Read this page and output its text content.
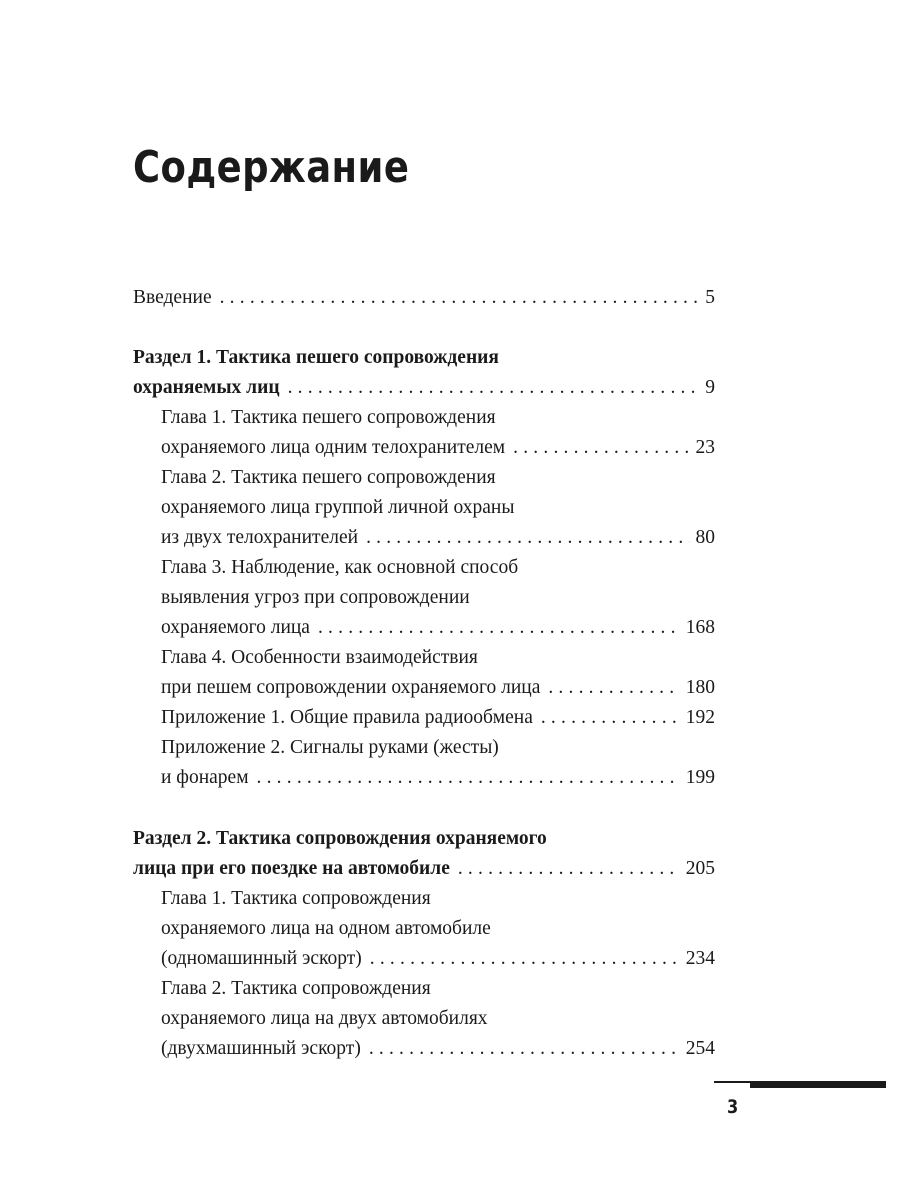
Содержание
Введение .....	5
Раздел 1. Тактика пешего сопровождения
охраняемых лиц .....	9
Глава 1. Тактика пешего сопровождения
охраняемого лица одним телохранителем .....	23
Глава 2. Тактика пешего сопровождения
охраняемого лица группой личной охраны
из двух телохранителей .....	80
Глава 3. Наблюдение, как основной способ
выявления угроз при сопровождении
охраняемого лица .....	168
Глава 4. Особенности взаимодействия
при пешем сопровождении охраняемого лица .....	180
Приложение 1. Общие правила радиообмена .....	192
Приложение 2. Сигналы руками (жесты)
и фонарем .....	199
Раздел 2. Тактика сопровождения охраняемого
лица при его поездке на автомобиле .....	205
Глава 1. Тактика сопровождения
охраняемого лица на одном автомобиле
(одномашинный эскорт) .....	234
Глава 2. Тактика сопровождения
охраняемого лица на двух автомобилях
(двухмашинный эскорт) .....	254
3
